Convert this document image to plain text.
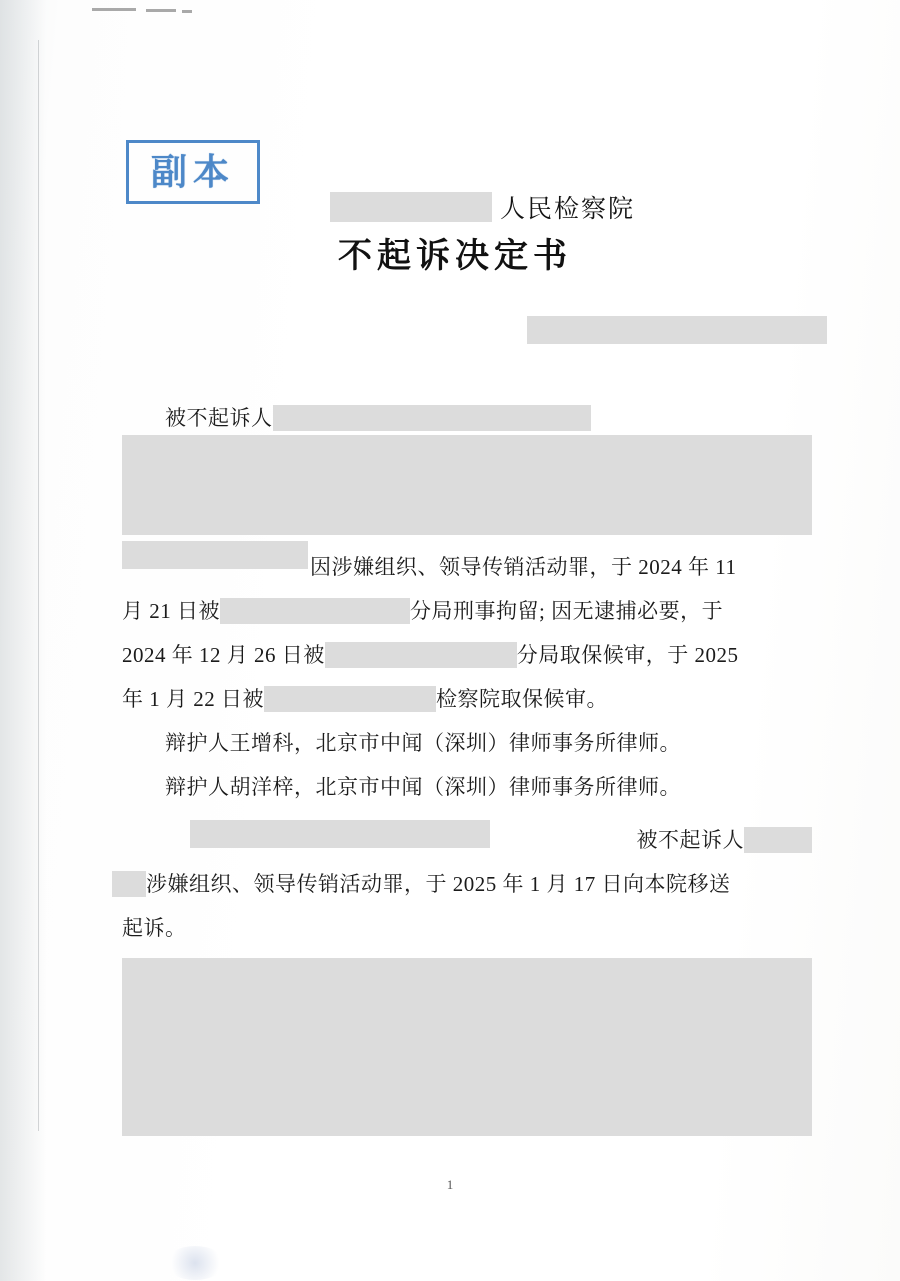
副本
人民检察院
不起诉决定书

被不起诉人

因涉嫌组织、领导传销活动罪，于 2024 年 11

月 21 日被	分局刑事拘留; 因无逮捕必要，于

2024 年 12 月 26 日被	分局取保候审，于 2025

年 1 月 22 日被	检察院取保候审。

辩护人王增科，北京市中闻（深圳）律师事务所律师。

辩护人胡洋梓，北京市中闻（深圳）律师事务所律师。

被不起诉人

涉嫌组织、领导传销活动罪，于 2025 年 1 月 17 日向本院移送

起诉。

1
